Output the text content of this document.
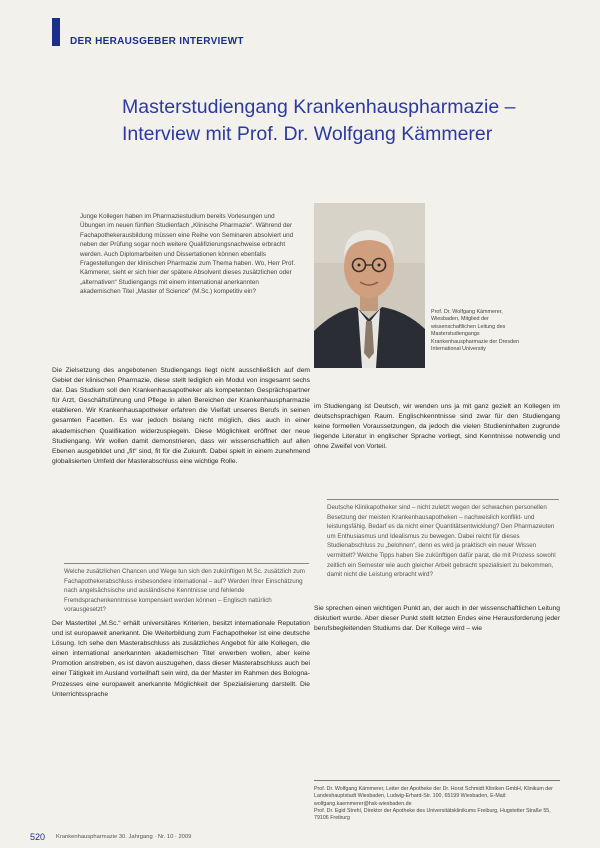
DER HERAUSGEBER INTERVIEWT
Masterstudiengang Krankenhauspharmazie –
Interview mit Prof. Dr. Wolfgang Kämmerer

Junge Kollegen haben im Pharmaziestudium bereits Vorlesungen und Übungen im neuen fünften Studienfach „Klinische Pharmazie“. Während der Fachapothekerausbildung müssen eine Reihe von Seminaren absolviert und neben der Prüfung sogar noch weitere Qualifizierungsnachweise erbracht werden. Auch Diplomarbeiten und Dissertationen können ebenfalls Fragestellungen der klinischen Pharmazie zum Thema haben. Wo, Herr Prof. Kämmerer, sieht er sich hier der spätere Absolvent dieses zusätzlichen oder „alternativen“ Studiengangs mit einem international anerkannten akademischen Titel „Master of Science“ (M.Sc.) kompetitiv ein?

Prof. Dr. Wolfgang Kämmerer, Wiesbaden, Mitglied der wissenschaftlichen Leitung des Masterstudiengangs Krankenhauspharmazie der Dresden International University

Die Zielsetzung des angebotenen Studiengangs liegt nicht ausschließlich auf dem Gebiet der klinischen Pharmazie, diese stellt lediglich ein Modul von insgesamt sechs dar. Das Studium soll den Krankenhausapotheker als kompetenten Gesprächspartner für Arzt, Geschäftsführung und Pflege in allen Bereichen der Krankenhauspharmazie etablieren. Wir Krankenhausapotheker erfahren die Vielfalt unseres Berufs in seinen gesamten Facetten. Es war jedoch bislang nicht möglich, dies auch in einer akademischen Qualifikation widerzuspiegeln. Diese Möglichkeit eröffnet der neue Studiengang. Wir wollen damit demonstrieren, dass wir wissenschaftlich auf allen Ebenen ausgebildet und „fit“ sind, fit für die Zukunft. Dabei spielt in einem zunehmend globalisierten Umfeld der Masterabschluss eine wichtige Rolle.

Welche zusätzlichen Chancen und Wege tun sich den zukünftigen M.Sc. zusätzlich zum Fachapothekerabschluss insbesondere international – auf? Werden Ihrer Einschätzung nach angelsächsische und ausländische Kenntnisse und fehlende Fremdsprachenkenntnisse kompensiert werden können – Englisch natürlich vorausgesetzt?

Der Mastertitel „M.Sc.“ erhält universitäres Kriterien, besitzt internationale Reputation und ist europaweit anerkannt. Die Weiterbildung zum Fachapotheker ist eine deutsche Lösung. Ich sehe den Masterabschluss als zusätzliches Angebot für alle Kollegen, die einen international anerkannten akademischen Titel erwerben wollen, aber keine Promotion anstreben, es ist davon auszugehen, dass dieser Masterabschluss auch bei einer Tätigkeit im Ausland vorteilhaft sein wird, da der Master im Rahmen des Bologna-Prozesses eine europaweit anerkannte Möglichkeit der Spezialisierung darstellt. Die Unterrichtssprache

im Studiengang ist Deutsch, wir wenden uns ja mit ganz gezielt an Kollegen im deutschsprachigen Raum. Englischkenntnisse sind zwar für den Studiengang keine formellen Voraussetzungen, da jedoch die vielen Studieninhalten zugrunde liegende Literatur in englischer Sprache vorliegt, sind Kenntnisse notwendig und ohne Zweifel von Vorteil.

Deutsche Klinikapotheker sind – nicht zuletzt wegen der schwachen personellen Besetzung der meisten Krankenhausapotheken – nachweislich konflikt- und leistungsfähig. Bedarf es da nicht einer Quantitätsentwicklung? Den Pharmazeuten um Enthusiasmus und Idealismus zu bewegen. Dabei reicht für dieses Studienabschluss zu „belohnen“, denn es wird ja praktisch ein neuer Wissen vermittelt? Welche Tipps haben Sie zukünftigen dafür parat, die mit Prozess sowohl zeitlich ein Semester wie auch gleicher Arbeit gebracht spezialisiert zu bekommen, damit nicht die Leistung erbracht wird?

Sie sprechen einen wichtigen Punkt an, der auch in der wissenschaftlichen Leitung diskutiert wurde. Aber dieser Punkt stellt letzten Endes eine Herausforderung jeder berufsbegleitenden Studiums dar. Der Kollege wird – wie

Prof. Dr. Wolfgang Kämmerer, Leiter der Apotheke der Dr. Horst Schmidt Kliniken GmbH, Klinikum der Landeshauptstadt Wiesbaden, Ludwig-Erhard-Str. 100, 65199 Wiesbaden, E-Mail: wolfgang.kaemmerer@hsk-wiesbaden.de
Prof. Dr. Egid Strehl, Direktor der Apotheke des Universitätsklinikums Freiburg, Hugstetter Straße 55, 79106 Freiburg

520 Krankenhauspharmazie 30. Jahrgang · Nr. 10 · 2009
